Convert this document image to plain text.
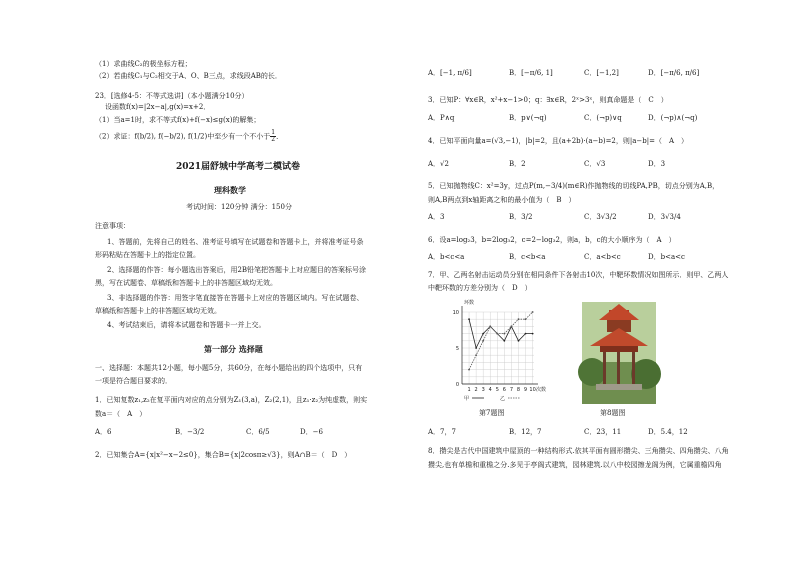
（1）求曲线C₂的极坐标方程；
（2）若曲线C₁与C₂相交于A、O、B三点，求线段AB的长．
23．[选修4-5：不等式选讲]（本小题满分10分）
设函数f(x)=|2x−a|,g(x)=x+2．
（1）当a=1时，求不等式f(x)+f(−x)≤g(x)的解集；
（2）求证：f(b/2), f(−b/2), f(1/2)中至少有一个不小于 $\frac{1}{2}$ ．
2021届舒城中学高考二模试卷
理科数学
考试时间：120分钟 满分：150分
注意事项：
1、答题前，先将自己的姓名、准考证号填写在试题卷和答题卡上，并将准考证号条
形码粘贴在答题卡上的指定位置。
2、选择题的作答：每小题选出答案后，用2B铅笔把答题卡上对应题目的答案标号涂
黑，写在试题卷、草稿纸和答题卡上的非答题区域均无效。
3、非选择题的作答：用签字笔直接答在答题卡上对应的答题区域内。写在试题卷、
草稿纸和答题卡上的非答题区域均无效。
4、考试结束后，请将本试题卷和答题卡一并上交。
第一部分 选择题
一、选择题：本题共12小题，每小题5分，共60分，在每小题给出的四个选项中，只有
一项是符合题目要求的．
1．已知复数z₁,z₂在复平面内对应的点分别为Z₁(3,a)，Z₂(2,1)，且z₁·z₂为纯虚数，则实
数a＝（　A　）
A．6	B．−3/2	C．6/5	D．−6
2．已知集合A={x|x²−x−2≤0}，集合B={x|2cosπ≥√3}，则A∩B＝（　D　）
A．[−1, π/6]	B．[−π/6, 1]	C．[−1,2]	D．[−π/6, π/6]
3．已知P：∀x∈R，x²+x−1>0；q：∃x∈R，2ˣ>3ˣ，则真命题是（　C　）
A．P∧q	B．p∨(¬q)	C．(¬p)∨q	D．(¬p)∧(¬q)
4．已知平面向量a=(√3,−1)，|b|=2，且(a+2b)·(a−b)=2，则|a−b|=（　A　）
A．√2	B．2	C．√3	D．3
5．已知抛物线C：x²=3y，过点P(m,−3/4)(m∈R)作抛物线的切线PA,PB，切点分别为A,B，
则A,B两点到x轴距离之和的最小值为（　B　）
A．3	B．3/2	C．3√3/2	D．3√3/4
6．设a=log₂3，b=2log₃2，c=2−log₃2，则a，b，c的大小顺序为（　A　）
A．b<c<a	B．c<b<a	C．a<b<c	D．b<a<c
7．甲、乙两名射击运动员分别在相同条件下各射击10次，中靶环数情况如图所示．则甲、乙两人
中靶环数的方差分别为（　D　）
第7题图	第8题图
A．7，7	B．12，7	C．23，11	D．5.4，12
8．攒尖是古代中国建筑中屋顶的一种结构形式.依其平面有圆形攒尖、三角攒尖、四角攒尖、八角
攒尖,也有单檐和重檐之分.多见于亭阁式建筑，园林建筑.以八中校园擦龙阁为例，它属重檐四角
环数
次数
10
5
0
1 2 3 4 5 6 7 8 9 10
甲	乙
